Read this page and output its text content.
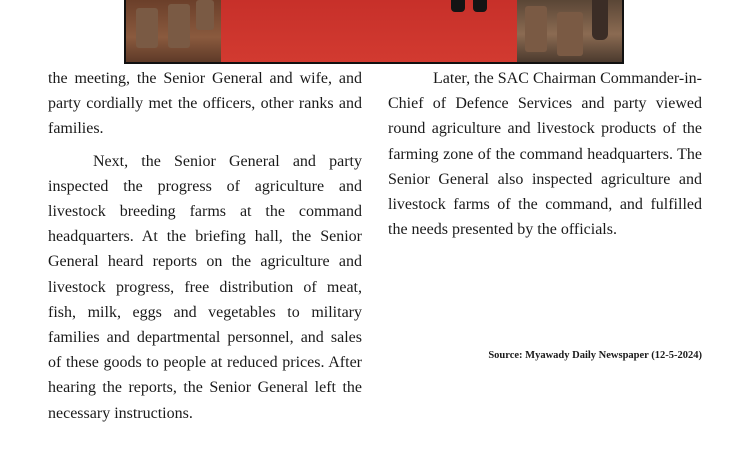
the meeting, the Senior General and wife, and party cordially met the officers, other ranks and families.

Next, the Senior General and party inspected the progress of agriculture and livestock breeding farms at the command headquarters. At the briefing hall, the Senior General heard reports on the agriculture and livestock progress, free distribution of meat, fish, milk, eggs and vegetables to military families and departmental personnel, and sales of these goods to people at reduced prices. After hearing the reports, the Senior General left the necessary instructions.

Later, the SAC Chairman Commander-in-Chief of Defence Services and party viewed round agriculture and livestock products of the farming zone of the command headquarters. The Senior General also inspected agriculture and livestock farms of the command, and fulfilled the needs presented by the officials.

Source: Myawady Daily Newspaper (12-5-2024)
